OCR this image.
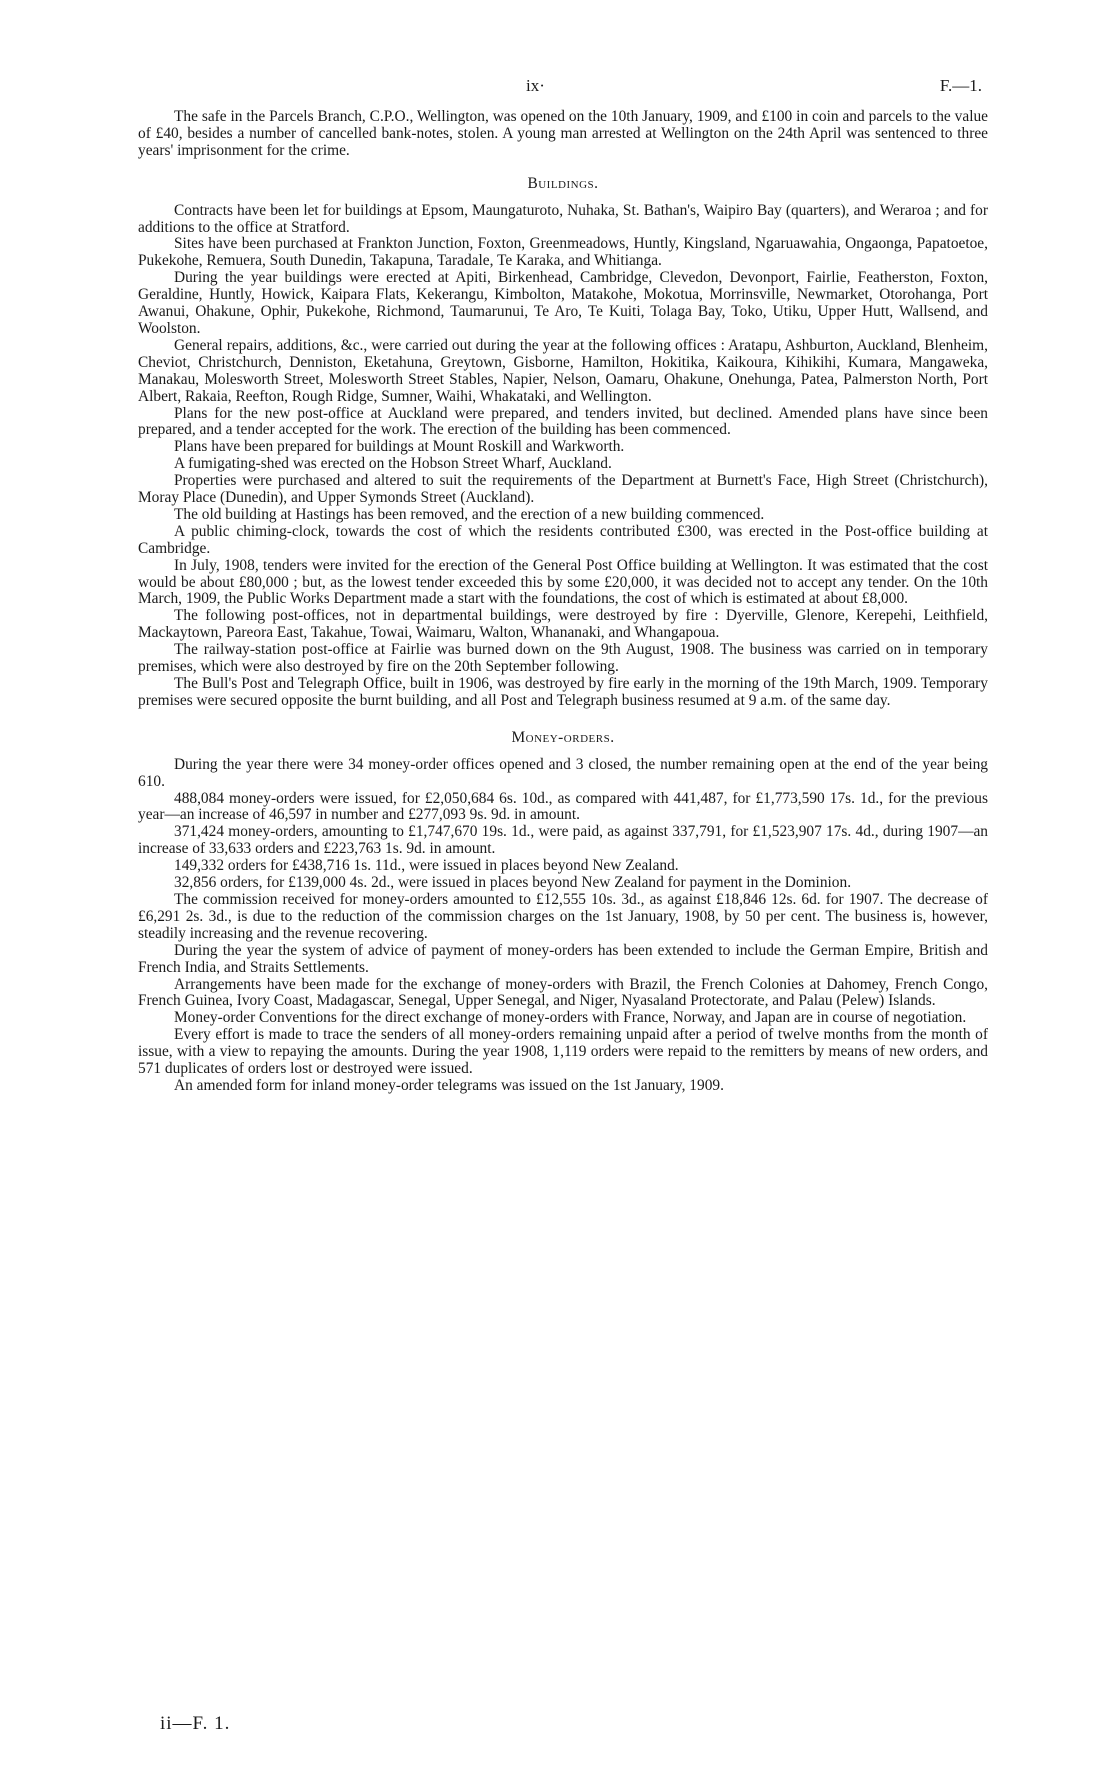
ix·	F.—1.

The safe in the Parcels Branch, C.P.O., Wellington, was opened on the 10th January, 1909, and £100 in coin and parcels to the value of £40, besides a number of cancelled bank-notes, stolen. A young man arrested at Wellington on the 24th April was sentenced to three years' imprisonment for the crime.

Buildings.

Contracts have been let for buildings at Epsom, Maungaturoto, Nuhaka, St. Bathan's, Waipiro Bay (quarters), and Weraroa ; and for additions to the office at Stratford.

Sites have been purchased at Frankton Junction, Foxton, Greenmeadows, Huntly, Kingsland, Ngaruawahia, Ongaonga, Papatoetoe, Pukekohe, Remuera, South Dunedin, Takapuna, Taradale, Te Karaka, and Whitianga.

During the year buildings were erected at Apiti, Birkenhead, Cambridge, Clevedon, Devonport, Fairlie, Featherston, Foxton, Geraldine, Huntly, Howick, Kaipara Flats, Kekerangu, Kimbolton, Matakohe, Mokotua, Morrinsville, Newmarket, Otorohanga, Port Awanui, Ohakune, Ophir, Pukekohe, Richmond, Taumarunui, Te Aro, Te Kuiti, Tolaga Bay, Toko, Utiku, Upper Hutt, Wallsend, and Woolston.

General repairs, additions, &c., were carried out during the year at the following offices : Aratapu, Ashburton, Auckland, Blenheim, Cheviot, Christchurch, Denniston, Eketahuna, Greytown, Gisborne, Hamilton, Hokitika, Kaikoura, Kihikihi, Kumara, Mangaweka, Manakau, Molesworth Street, Molesworth Street Stables, Napier, Nelson, Oamaru, Ohakune, Onehunga, Patea, Palmerston North, Port Albert, Rakaia, Reefton, Rough Ridge, Sumner, Waihi, Whakataki, and Wellington.

Plans for the new post-office at Auckland were prepared, and tenders invited, but declined. Amended plans have since been prepared, and a tender accepted for the work. The erection of the building has been commenced.

Plans have been prepared for buildings at Mount Roskill and Warkworth.

A fumigating-shed was erected on the Hobson Street Wharf, Auckland.

Properties were purchased and altered to suit the requirements of the Department at Burnett's Face, High Street (Christchurch), Moray Place (Dunedin), and Upper Symonds Street (Auckland).

The old building at Hastings has been removed, and the erection of a new building commenced.

A public chiming-clock, towards the cost of which the residents contributed £300, was erected in the Post-office building at Cambridge.

In July, 1908, tenders were invited for the erection of the General Post Office building at Wellington. It was estimated that the cost would be about £80,000 ; but, as the lowest tender exceeded this by some £20,000, it was decided not to accept any tender. On the 10th March, 1909, the Public Works Department made a start with the foundations, the cost of which is estimated at about £8,000.

The following post-offices, not in departmental buildings, were destroyed by fire : Dyerville, Glenore, Kerepehi, Leithfield, Mackaytown, Pareora East, Takahue, Towai, Waimaru, Walton, Whananaki, and Whangapoua.

The railway-station post-office at Fairlie was burned down on the 9th August, 1908. The business was carried on in temporary premises, which were also destroyed by fire on the 20th September following.

The Bull's Post and Telegraph Office, built in 1906, was destroyed by fire early in the morning of the 19th March, 1909. Temporary premises were secured opposite the burnt building, and all Post and Telegraph business resumed at 9 a.m. of the same day.

Money-orders.

During the year there were 34 money-order offices opened and 3 closed, the number remaining open at the end of the year being 610.

488,084 money-orders were issued, for £2,050,684 6s. 10d., as compared with 441,487, for £1,773,590 17s. 1d., for the previous year—an increase of 46,597 in number and £277,093 9s. 9d. in amount.

371,424 money-orders, amounting to £1,747,670 19s. 1d., were paid, as against 337,791, for £1,523,907 17s. 4d., during 1907—an increase of 33,633 orders and £223,763 1s. 9d. in amount.

149,332 orders for £438,716 1s. 11d., were issued in places beyond New Zealand.

32,856 orders, for £139,000 4s. 2d., were issued in places beyond New Zealand for payment in the Dominion.

The commission received for money-orders amounted to £12,555 10s. 3d., as against £18,846 12s. 6d. for 1907. The decrease of £6,291 2s. 3d., is due to the reduction of the commission charges on the 1st January, 1908, by 50 per cent. The business is, however, steadily increasing and the revenue recovering.

During the year the system of advice of payment of money-orders has been extended to include the German Empire, British and French India, and Straits Settlements.

Arrangements have been made for the exchange of money-orders with Brazil, the French Colonies at Dahomey, French Congo, French Guinea, Ivory Coast, Madagascar, Senegal, Upper Senegal, and Niger, Nyasaland Protectorate, and Palau (Pelew) Islands.

Money-order Conventions for the direct exchange of money-orders with France, Norway, and Japan are in course of negotiation.

Every effort is made to trace the senders of all money-orders remaining unpaid after a period of twelve months from the month of issue, with a view to repaying the amounts. During the year 1908, 1,119 orders were repaid to the remitters by means of new orders, and 571 duplicates of orders lost or destroyed were issued.

An amended form for inland money-order telegrams was issued on the 1st January, 1909.

ii—F. 1.
